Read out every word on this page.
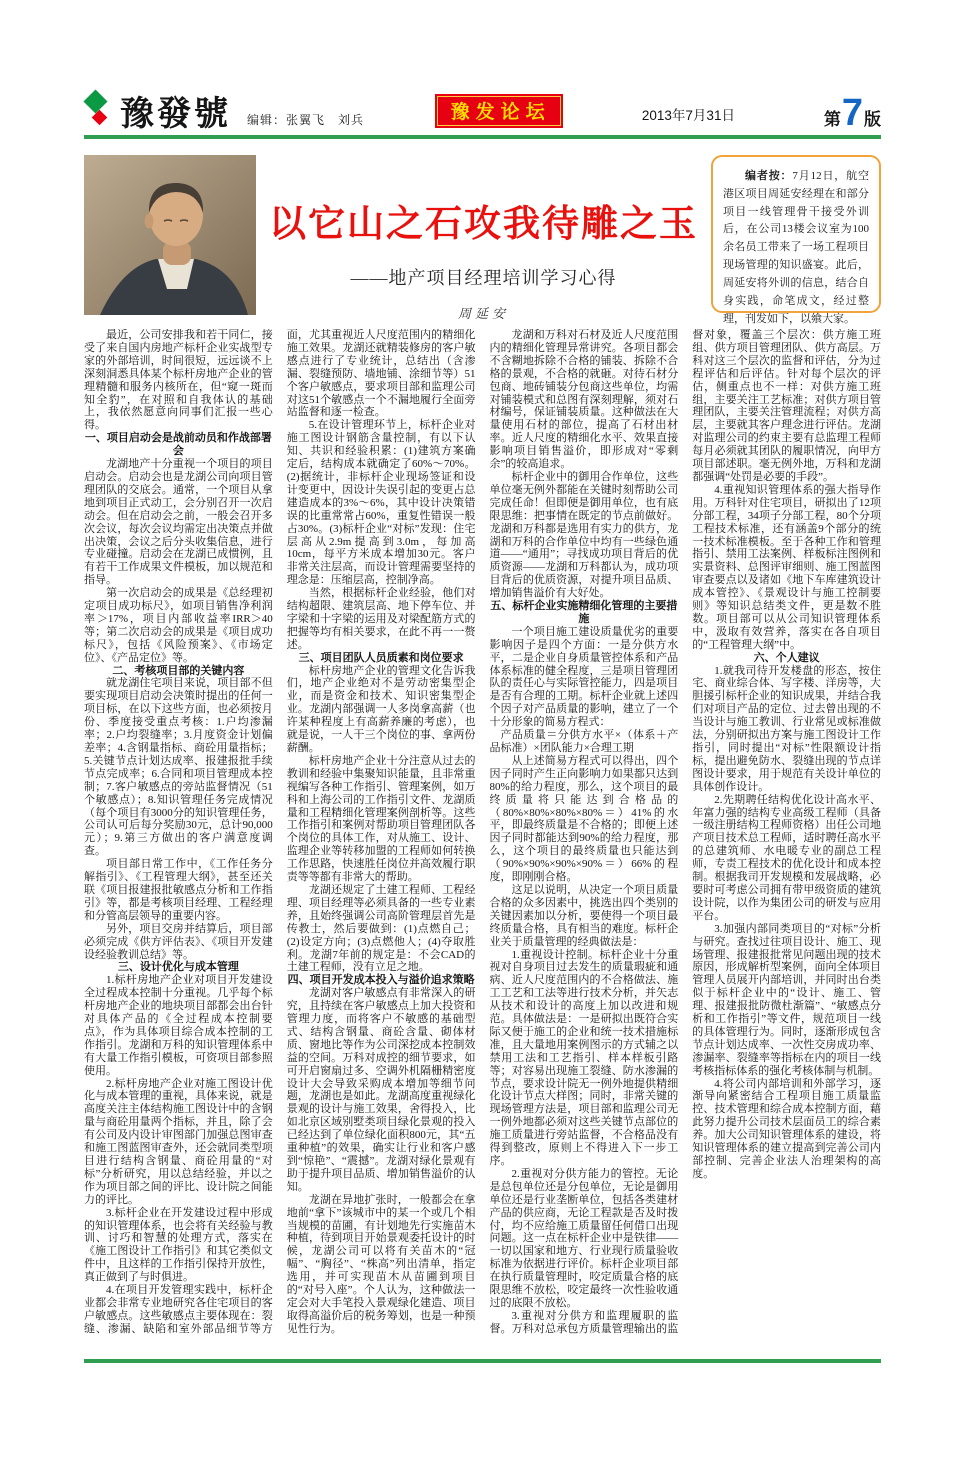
豫發號 编辑：张翼飞　刘兵	豫发论坛	2013年7月31日	第 7 版
以它山之石攻我待雕之玉
——地产项目经理培训学习心得
周延安

编者按：7月12日，航空港区项目周延安经理在和部分项目一线管理骨干接受外训后，在公司13楼会议室为100余名员工带来了一场工程项目现场管理的知识盛宴。此后，周延安将外训的信息，结合自身实践，命笔成文，经过整理，刊发如下，以飨大家。

最近，公司安排我和若干同仁，接受了来自国内房地产标杆企业实战型专家的外部培训，时间很短，远远谈不上深刻洞悉具体某个标杆房地产企业的管理精髓和服务内核所在，但“窥一斑而知全豹”，在对照和自我体认的基础上，我依然愿意向同事们汇报一些心得。

一、项目启动会是战前动员和作战部署会

龙湖地产十分重视一个项目的项目启动会。启动会也是龙湖公司向项目管理团队的交底会。通常，一个项目从拿地到项目正式动工，会分别召开一次启动会。但在启动会之前，一般会召开多次会议，每次会议均需定出决策点并做出决策，会议之后分头收集信息，进行专业碰撞。启动会在龙湖已成惯例，且有若干工作成果文件模板，加以规范和指导。

第一次启动会的成果是《总经理初定项目成功标尺》，如项目销售净利润率＞17%，项目内部收益率IRR＞40等；第二次启动会的成果是《项目成功标尺》，包括《风险预案》、《市场定位》、《产品定位》等。

二、考核项目部的关键内容

就龙湖住宅项目来说，项目部不但要实现项目启动会决策时提出的任何一项目标，在以下这些方面，也必须按月份、季度接受重点考核：1.户均渗漏率；2.户均裂缝率；3.月度资金计划偏差率；4.含钢量指标、商砼用量指标；5.关键节点计划达成率、报建报批手续节点完成率；6.合同和项目管理成本控制；7.客户敏感点的旁站监督情况（51个敏感点）；8.知识管理任务完成情况（每个项目有3000分的知识管理任务，公司认可后每分奖励30元，总计90,000元）；9.第三方做出的客户满意度调查。

项目部日常工作中，《工作任务分解指引》、《工程管理大纲》，甚至还关联《项目报建报批敏感点分析和工作指引》等，都是考核项目经理、工程经理和分管高层领导的重要内容。

另外，项目交房并结算后，项目部必须完成《供方评估表》、《项目开发建设经验教训总结》等。

三、设计优化与成本管理

1.标杆房地产企业对项目开发建设全过程成本控制十分重视。几乎每个标杆房地产企业的地块项目部都会出台针对具体产品的《全过程成本控制要点》，作为具体项目综合成本控制的工作指引。龙湖和万科的知识管理体系中有大量工作指引模板，可资项目部参照使用。

2.标杆房地产企业对施工图设计优化与成本管理的重视，具体来说，就是高度关注主体结构施工图设计中的含钢量与商砼用量两个指标，并且，除了会有公司及内设计审图部门加强总图审查和施工图蓝图审查外，还会就同类型项目进行结构含钢量、商砼用量的“对标”分析研究，用以总结经验，并以之作为项目部之间的评比、设计院之间能力的评比。

3.标杆企业在开发建设过程中形成的知识管理体系，也会将有关经验与教训、讨巧和智慧的处理方式，落实在《施工图设计工作指引》和其它类似文件中，且这样的工作指引保持开放性，真正做到了与时俱进。

4.在项目开发管理实践中，标杆企业都会非常专业地研究各住宅项目的客户敏感点。这些敏感点主要体现在：裂缝、渗漏、缺陷和室外部品细节等方面，尤其重视近人尺度范围内的精细化施工效果。龙湖还就精装修房的客户敏感点进行了专业统计，总结出（含渗漏、裂缝预防、墙地铺、涂细节等）51个客户敏感点，要求项目部和监理公司对这51个敏感点一个不漏地履行全面旁站监督和逐一检查。

5.在设计管理环节上，标杆企业对施工图设计钢筋含量控制，有以下认知、共识和经验积累：(1)建筑方案确定后，结构成本就确定了60%～70%。(2)据统计，非标杆企业现场签证和设计变更中，因设计失误引起的变更占总建造成本的3%～6%，其中设计决策错误的比重常常占60%，重复性错误一般占30%。(3)标杆企业“对标”发现：住宅层高从2.9m提高到3.0m，每加高10cm，每平方米成本增加30元。客户非常关注层高，而设计管理需要坚持的理念是：压缩层高，控制净高。

当然，根据标杆企业经验，他们对结构超限、建筑层高、地下停车位、并字梁和十字梁的运用及对梁配筋方式的把握等均有相关要求，在此不再一一赘述。

三、项目团队人员质素和岗位要求

标杆房地产企业的管理文化告诉我们，地产企业绝对不是劳动密集型企业，而是资金和技术、知识密集型企业。龙湖内部强调一人多岗拿高薪（也许某种程度上有高薪养廉的考虑），也就是说，一人干三个岗位的事、拿两份薪酬。

标杆房地产企业十分注意从过去的教训和经验中集聚知识能量，且非常重视编写各种工作指引、管理案例，如万科和上海公司的工作指引文件、龙湖质量和工程精细化管理案例剖析等。这些工作指引和案例对帮助项目管理团队各个岗位的具体工作，对从施工、设计、监理企业等转移加盟的工程师如何转换工作思路，快速胜任岗位并高效履行职责等等都有非常大的帮助。

龙湖还规定了土建工程师、工程经理、项目经理等必须具备的一些专业素养，且始终强调公司高阶管理层首先是传教士，然后要做到：(1)点燃自己；(2)设定方向；(3)点燃他人；(4)夺取胜利。龙湖7年前的规定是：不会CAD的土建工程师，没有立足之地。

四、项目开发成本投入与溢价追求策略

龙湖对客户敏感点有非常深入的研究，且持续在客户敏感点上加大投资和管理力度，而将客户不敏感的基础型式、结构含钢量、商砼含量、砌体材质、窗地比等作为公司深挖成本控制效益的空间。万科对成控的细节要求，如可开启窗扇过多、空调外机隔栅精密度设计大会导致采购成本增加等细节问题，龙湖也是如此。龙湖高度重视绿化景观的设计与施工效果，舍得投入，比如北京区域别墅类项目绿化景观的投入已经达到了单位绿化面积800元，其“五重种植”的效果，确实让行业和客户感到“惊艳”、“震撼”。龙湖对绿化景观有助于提升项目品质、增加销售溢价的认知。

龙湖在异地扩张时，一般都会在拿地前“拿下”该城市中的某一个或几个相当规模的苗圃，有计划地先行实施苗木种植，待到项目开始景观委托设计的时候，龙湖公司可以将有关苗木的“冠幅”、“胸径”、“株高”列出清单，指定选用，并可实现苗木从苗圃到项目的“对号入座”。个人认为，这种做法一定会对大手笔投入景观绿化建造、项目取得高溢价后的税务筹划，也是一种预见性行为。

龙湖和万科对石材及近人尺度范围内的精细化管理异常讲究。各项目都会不含糊地拆除不合格的铺装、拆除不合格的景观，不合格的就砸。对待石材分包商、地砖铺装分包商这些单位，均需对铺装模式和总图有深刻理解，须对石材编号，保证铺装质量。这种做法在大量使用石材的部位，提高了石材出材率。近人尺度的精细化水平、效果直接影响项目销售溢价，即形成对“零剩余”的较高追求。

标杆企业中的御用合作单位，这些单位毫无例外都能在关键时刻帮助公司完成任命！但即便是御用单位，也有底限思维：把事情在既定的节点前做好。龙湖和万科都是选用有实力的供方，龙湖和万科的合作单位中均有一些绿色通道——“通用”；寻找成功项目背后的优质资源——龙湖和万科都认为，成功项目背后的优质资源，对提升项目品质、增加销售溢价有大好处。

五、标杆企业实施精细化管理的主要措施

一个项目施工建设质量优劣的重要影响因子是四个方面：一是分供方水平，二是企业自身质量管控体系和产品体系标准的健全程度，三是项目管理团队的责任心与实际管控能力，四是项目是否有合理的工期。标杆企业就上述四个因子对产品质量的影响，建立了一个十分形象的简易方程式：

产品质量＝分供方水平×（体系＋产品标准）×团队能力×合理工期

从上述简易方程式可以得出，四个因子同时产生正向影响力如果都只达到80%的给力程度，那么，这个项目的最终质量将只能达到合格品的（80%×80%×80%×80%＝）41%的水平，即最终质量是不合格的；即便上述因子同时都能达到90%的给力程度，那么，这个项目的最终质量也只能达到（90%×90%×90%×90%＝）66%的程度，即刚刚合格。

这足以说明，从决定一个项目质量合格的众多因素中，挑选出四个类别的关键因素加以分析，要使得一个项目最终质量合格，具有相当的难度。标杆企业关于质量管理的经典做法是：

1.重视设计控制。标杆企业十分重视对自身项目过去发生的质量瑕疵和通病、近人尺度范围内的不合格做法、施工工艺和工法等进行技术分析，并矢志从技术和设计的高度上加以改进和规范。具体做法是：一是研拟出既符合实际又便于施工的企业和统一技术措施标准，且大量地用案例图示的方式辅之以禁用工法和工艺指引、样本样板引路等；对容易出现施工裂缝、防水渗漏的节点，要求设计院无一例外地提供精细化设计节点大样图；同时，非常关键的现场管理方法是，项目部和监理公司无一例外地都必须对这些关键节点部位的施工质量进行旁站监督，不合格品没有得到整改，原则上不得进入下一步工序。

2.重视对分供方能力的管控。无论是总包单位还是分包单位，无论是御用单位还是行业垄断单位，包括各类建材产品的供应商，无论工程款是否及时拨付，均不应给施工质量留任何借口出现问题。这一点在标杆企业中是铁律——一切以国家和地方、行业现行质量验收标准为依据进行评价。标杆企业项目部在执行质量管理时，咬定质量合格的底限思维不放松，咬定最终一次性验收通过的底限不放松。

3.重视对分供方和监理履职的监督。万科对总承包方质量管理输出的监督对象，覆盖三个层次：供方施工班组、供方项目管理团队、供方高层。万科对这三个层次的监督和评估，分为过程评估和后评估。针对每个层次的评估，侧重点也不一样：对供方施工班组，主要关注工艺标准；对供方项目管理团队，主要关注管理流程；对供方高层，主要就其客户理念进行评估。龙湖对监理公司的约束主要有总监理工程师每月必须就其团队的履职情况，向甲方项目部述职。毫无例外地，万科和龙湖都强调“处罚是必要的手段”。

4.重视知识管理体系的强大指导作用。万科针对住宅项目，研拟出了12项分部工程，34项子分部工程，80个分项工程技术标准，还有涵盖9个部分的统一技术标准模板。至于各种工作和管理指引、禁用工法案例、样板标注图例和实景资料、总图评审细则、施工图蓝图审查要点以及诸如《地下车库建筑设计成本管控》、《景观设计与施工控制要则》等知识总结类文件，更是数不胜数。项目部可以从公司知识管理体系中，汲取有效营养，落实在各自项目的“工程管理大纲”中。

六、个人建议

1.就我司待开发楼盘的形态，按住宅、商业综合体、写字楼、洋房等，大胆援引标杆企业的知识成果，并结合我们对项目产品的定位、过去曾出现的不当设计与施工教训、行业常见或标准做法，分别研拟出方案与施工图设计工作指引，同时提出“对标”性限额设计指标，提出避免防水、裂缝出现的节点详图设计要求，用于规范有关设计单位的具体创作设计。

2.先期聘任结构优化设计高水平、年富力强的结构专业高级工程师（具备一级注册结构工程师资格）出任公司地产项目技术总工程师，适时聘任高水平的总建筑师、水电暖专业的副总工程师，专责工程技术的优化设计和成本控制。根据我司开发规模和发展战略，必要时可考虑公司拥有带甲级资质的建筑设计院，以作为集团公司的研发与应用平台。

3.加强内部同类项目的“对标”分析与研究。查找过往项目设计、施工、现场管理、报建报批常见问题出现的技术原因，形成解析型案例，面向全体项目管理人员展开内部培训，并同时出台类似于标杆企业中的“设计、施工、管理、报建报批防微杜渐篇”、“敏感点分析和工作指引”等文件，规范项目一线的具体管理行为。同时，逐渐形成包含节点计划达成率、一次性交房成功率、渗漏率、裂缝率等指标在内的项目一线考核指标体系的强化考核体制与机制。

4.将公司内部培训和外部学习，逐渐导向紧密结合工程项目施工质量监控、技术管理和综合成本控制方面，藉此努力提升公司技术层面员工的综合素养。加大公司知识管理体系的建设，将知识管理体系的建立提高到完善公司内部控制、完善企业法人治理架构的高度。
